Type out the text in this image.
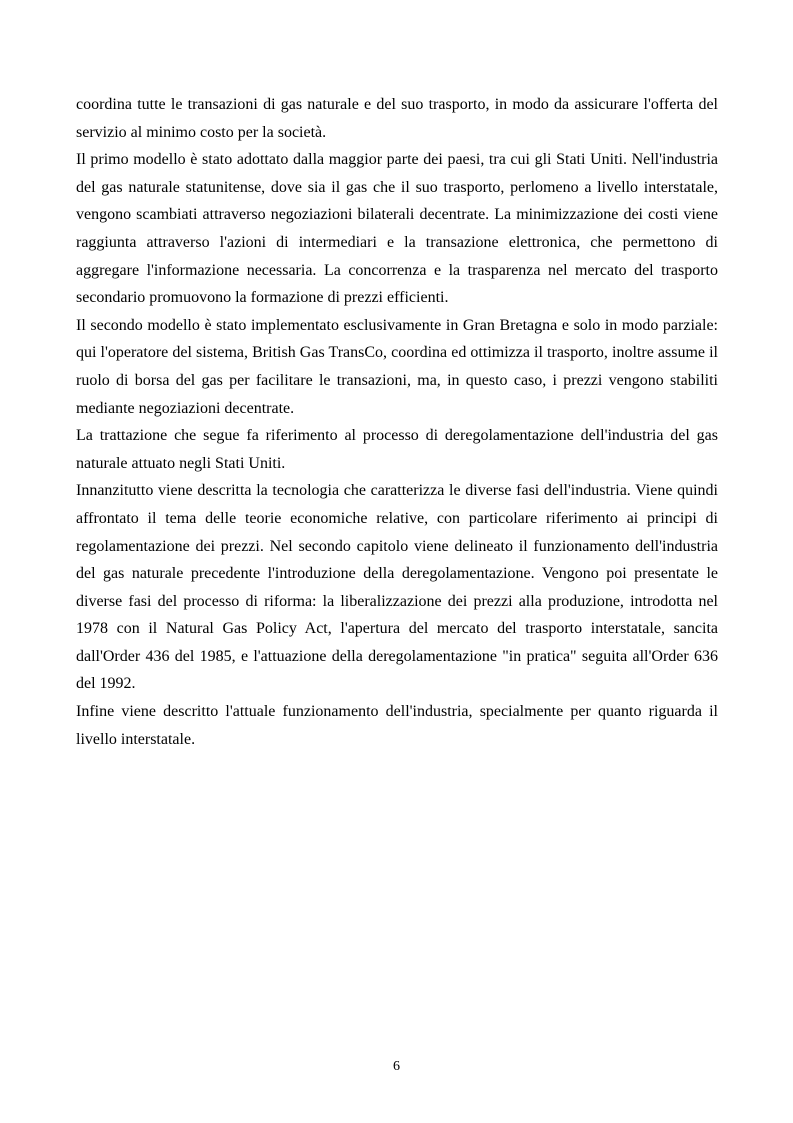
coordina tutte le transazioni di gas naturale e del suo trasporto, in modo da assicurare l'offerta del servizio al minimo costo per la società.

Il primo modello è stato adottato dalla maggior parte dei paesi, tra cui gli Stati Uniti. Nell'industria del gas naturale statunitense, dove sia il gas che il suo trasporto, perlomeno a livello interstatale, vengono scambiati attraverso negoziazioni bilaterali decentrate. La minimizzazione dei costi viene raggiunta attraverso l'azioni di intermediari e la transazione elettronica, che permettono di aggregare l'informazione necessaria. La concorrenza e la trasparenza nel mercato del trasporto secondario promuovono la formazione di prezzi efficienti.

Il secondo modello è stato implementato esclusivamente in Gran Bretagna e solo in modo parziale: qui l'operatore del sistema, British Gas TransCo, coordina ed ottimizza il trasporto, inoltre assume il ruolo di borsa del gas per facilitare le transazioni, ma, in questo caso, i prezzi vengono stabiliti mediante negoziazioni decentrate.

La trattazione che segue fa riferimento al processo di deregolamentazione dell'industria del gas naturale attuato negli Stati Uniti.

Innanzitutto viene descritta la tecnologia che caratterizza le diverse fasi dell'industria. Viene quindi affrontato il tema delle teorie economiche relative, con particolare riferimento ai principi di regolamentazione dei prezzi. Nel secondo capitolo viene delineato il funzionamento dell'industria del gas naturale precedente l'introduzione della deregolamentazione. Vengono poi presentate le diverse fasi del processo di riforma: la liberalizzazione dei prezzi alla produzione, introdotta nel 1978 con il Natural Gas Policy Act, l'apertura del mercato del trasporto interstatale, sancita dall'Order 436 del 1985, e l'attuazione della deregolamentazione "in pratica" seguita all'Order 636 del 1992.

Infine viene descritto l'attuale funzionamento dell'industria, specialmente per quanto riguarda il livello interstatale.

6
